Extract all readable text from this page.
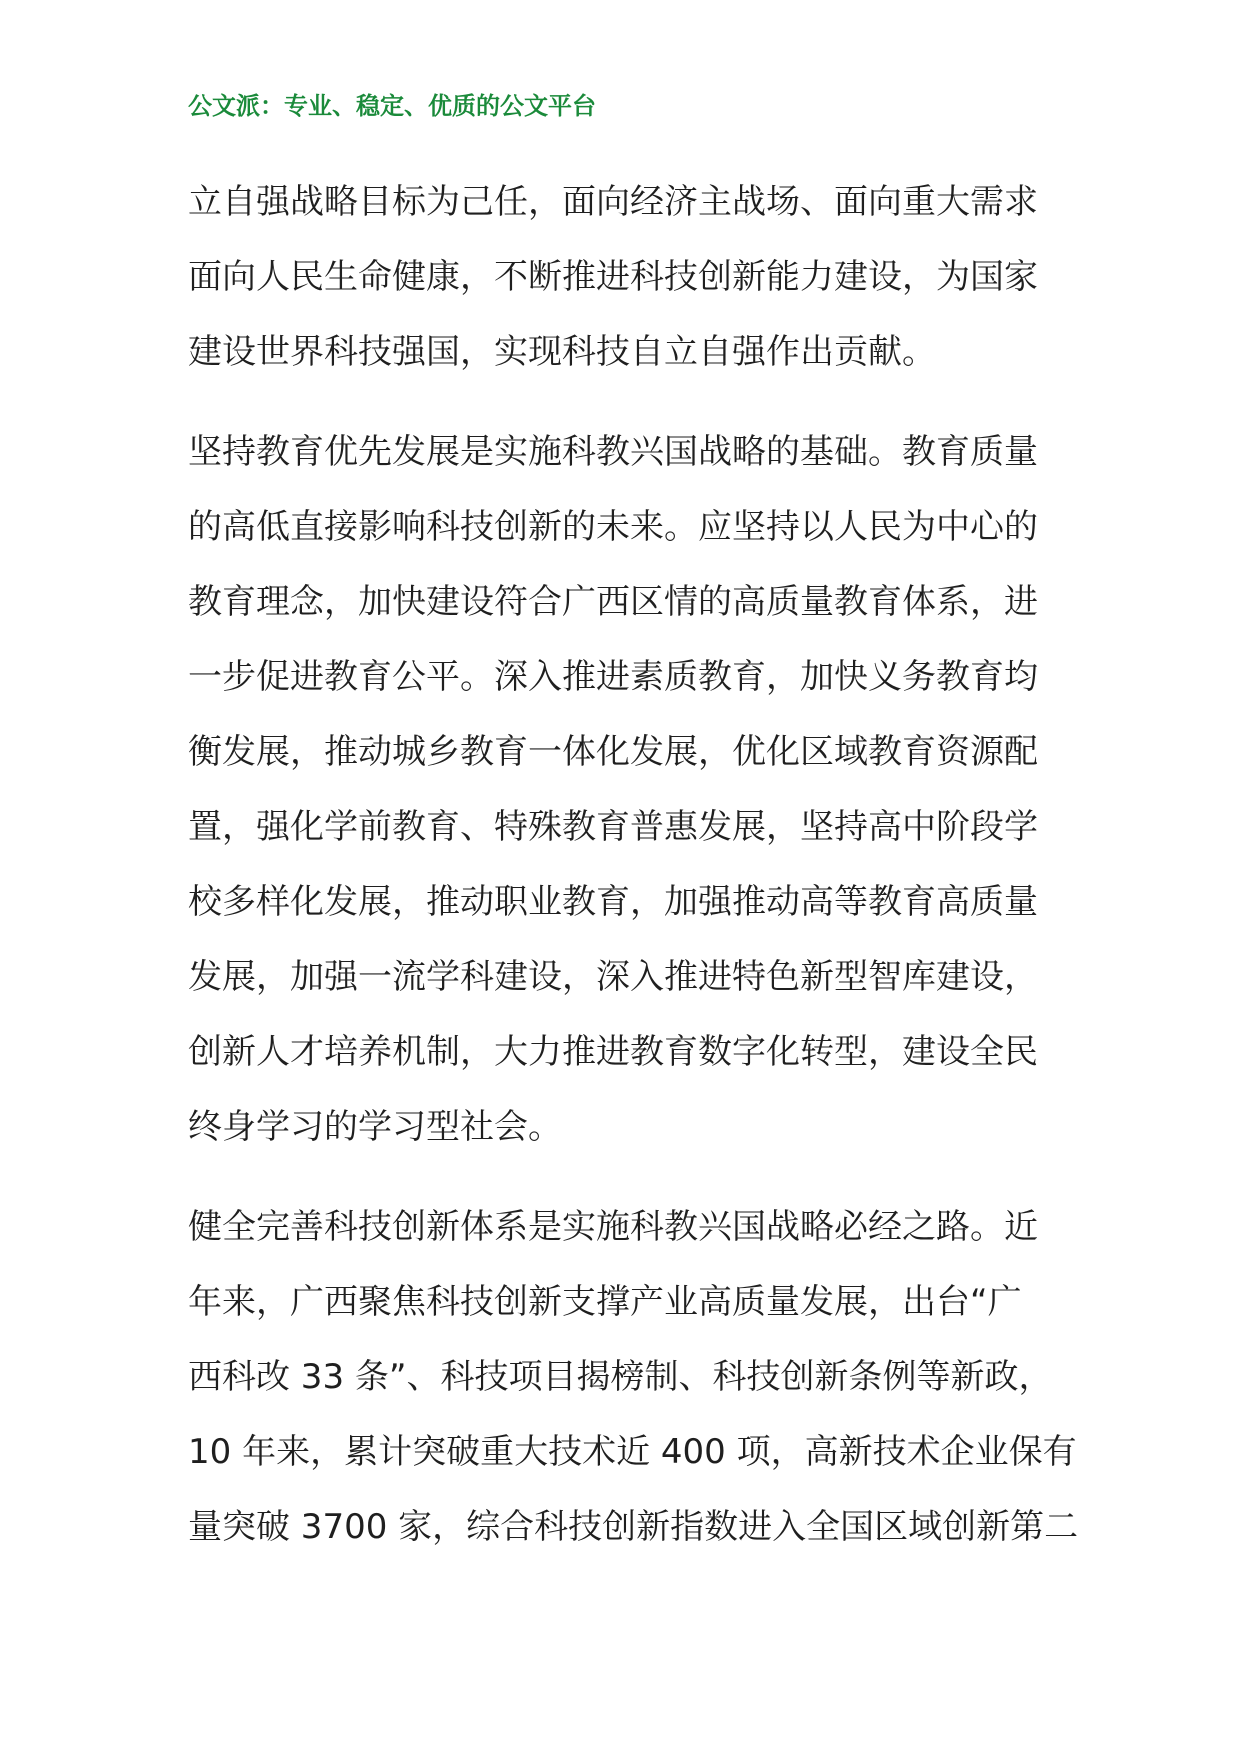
公文派：专业、稳定、优质的公文平台
立自强战略目标为己任，面向经济主战场、面向重大需求
面向人民生命健康，不断推进科技创新能力建设，为国家
建设世界科技强国，实现科技自立自强作出贡献。
坚持教育优先发展是实施科教兴国战略的基础。教育质量
的高低直接影响科技创新的未来。应坚持以人民为中心的
教育理念，加快建设符合广西区情的高质量教育体系，进
一步促进教育公平。深入推进素质教育，加快义务教育均
衡发展，推动城乡教育一体化发展，优化区域教育资源配
置，强化学前教育、特殊教育普惠发展，坚持高中阶段学
校多样化发展，推动职业教育，加强推动高等教育高质量
发展，加强一流学科建设，深入推进特色新型智库建设，
创新人才培养机制，大力推进教育数字化转型，建设全民
终身学习的学习型社会。
健全完善科技创新体系是实施科教兴国战略必经之路。近
年来，广西聚焦科技创新支撑产业高质量发展，出台“广
西科改 33 条”、科技项目揭榜制、科技创新条例等新政，
10 年来，累计突破重大技术近 400 项，高新技术企业保有
量突破 3700 家，综合科技创新指数进入全国区域创新第二
